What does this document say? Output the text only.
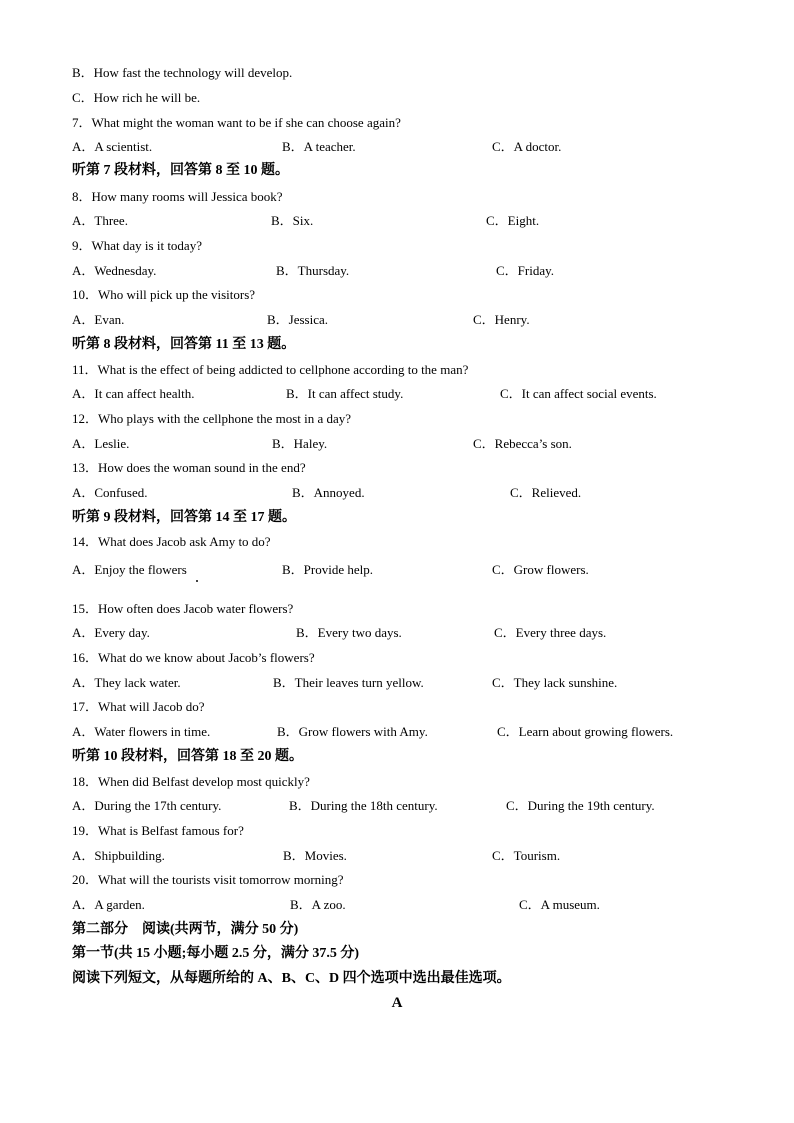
B．How fast the technology will develop.
C．How rich he will be.
7．What might the woman want to be if she can choose again?
A．A scientist.	B．A teacher.	C．A doctor.
听第 7 段材料，回答第 8 至 10 题。
8．How many rooms will Jessica book?
A．Three.	B．Six.	C．Eight.
9．What day is it today?
A．Wednesday.	B．Thursday.	C．Friday.
10．Who will pick up the visitors?
A．Evan.	B．Jessica.	C．Henry.
听第 8 段材料，回答第 11 至 13 题。
11．What is the effect of being addicted to cellphone according to the man?
A．It can affect health.	B．It can affect study.	C．It can affect social events.
12．Who plays with the cellphone the most in a day?
A．Leslie.	B．Haley.	C．Rebecca’s son.
13．How does the woman sound in the end?
A．Confused.	B．Annoyed.	C．Relieved.
听第 9 段材料，回答第 14 至 17 题。
14．What does Jacob ask Amy to do?
A．Enjoy the flowers	B．Provide help.	C．Grow flowers.
15．How often does Jacob water flowers?
A．Every day.	B．Every two days.	C．Every three days.
16．What do we know about Jacob’s flowers?
A．They lack water.	B．Their leaves turn yellow.	C．They lack sunshine.
17．What will Jacob do?
A．Water flowers in time.	B．Grow flowers with Amy.	C．Learn about growing flowers.
听第 10 段材料，回答第 18 至 20 题。
18．When did Belfast develop most quickly?
A．During the 17th century.	B．During the 18th century.	C．During the 19th century.
19．What is Belfast famous for?
A．Shipbuilding.	B．Movies.	C．Tourism.
20．What will the tourists visit tomorrow morning?
A．A garden.	B．A zoo.	C．A museum.
第二部分　阅读(共两节，满分 50 分)
第一节(共 15 小题;每小题 2.5 分，满分 37.5 分)
阅读下列短文，从每题所给的 A、B、C、D 四个选项中选出最佳选项。
A
